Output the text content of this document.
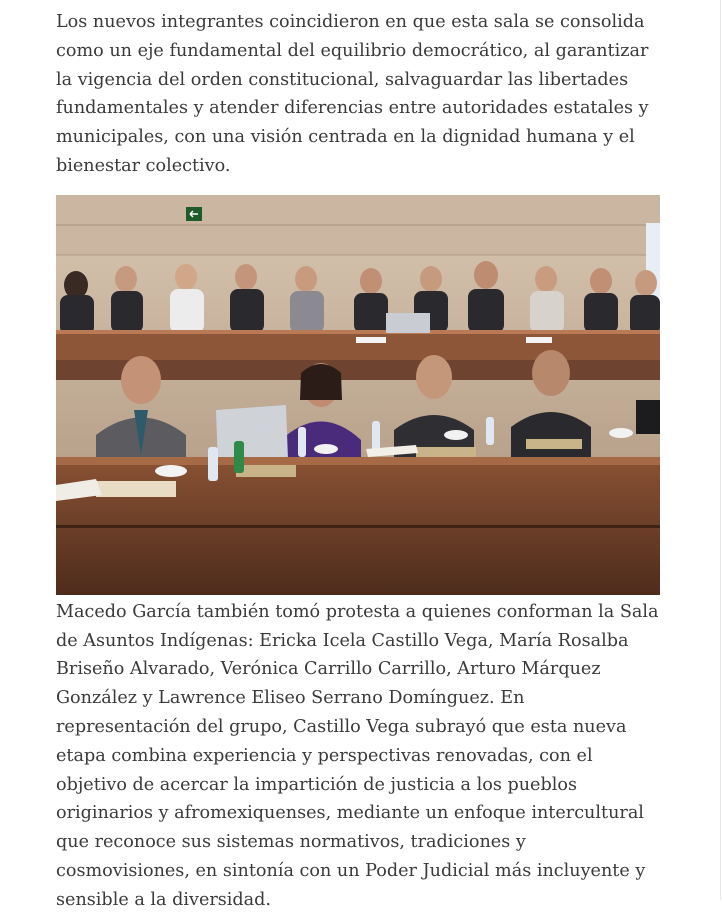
Los nuevos integrantes coincidieron en que esta sala se consolida como un eje fundamental del equilibrio democrático, al garantizar la vigencia del orden constitucional, salvaguardar las libertades fundamentales y atender diferencias entre autoridades estatales y municipales, con una visión centrada en la dignidad humana y el bienestar colectivo.

Macedo García también tomó protesta a quienes conforman la Sala de Asuntos Indígenas: Ericka Icela Castillo Vega, María Rosalba Briseño Alvarado, Verónica Carrillo Carrillo, Arturo Márquez González y Lawrence Eliseo Serrano Domínguez. En representación del grupo, Castillo Vega subrayó que esta nueva etapa combina experiencia y perspectivas renovadas, con el objetivo de acercar la impartición de justicia a los pueblos originarios y afromexiquenses, mediante un enfoque intercultural que reconoce sus sistemas normativos, tradiciones y cosmovisiones, en sintonía con un Poder Judicial más incluyente y sensible a la diversidad.
